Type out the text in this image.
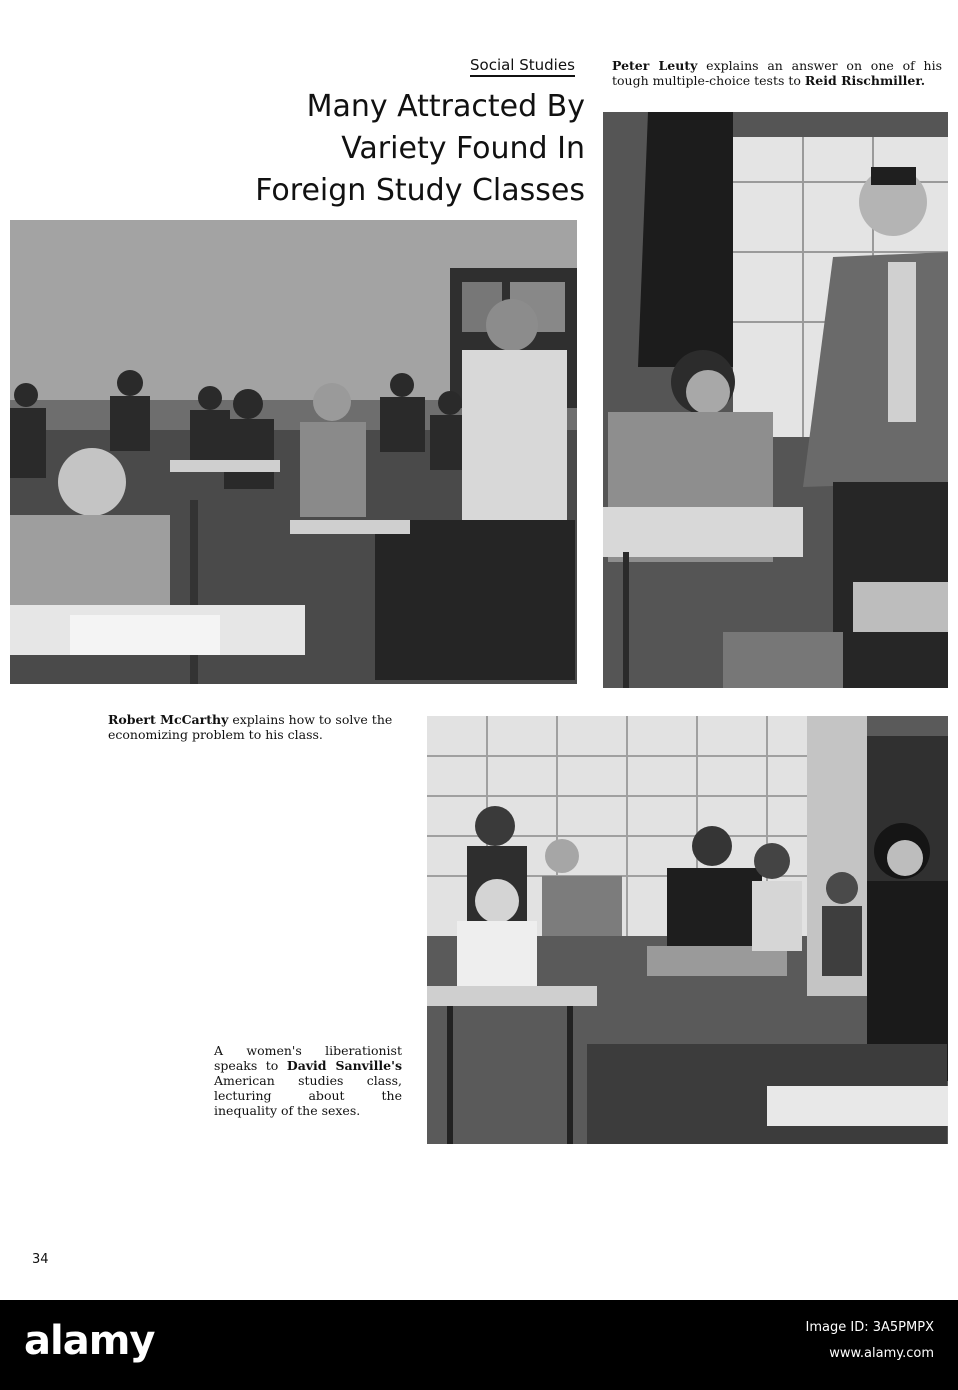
Social Studies
Many Attracted By
Variety Found In
Foreign Study Classes
Peter Leuty explains an answer on one of his tough multiple-choice tests to Reid Rischmiller.
Robert McCarthy explains how to solve the economizing problem to his class.
A women's liberationist speaks to David Sanville's American studies class, lecturing about the inequality of the sexes.
34
alamy	Image ID: 3A5PMPX
www.alamy.com
